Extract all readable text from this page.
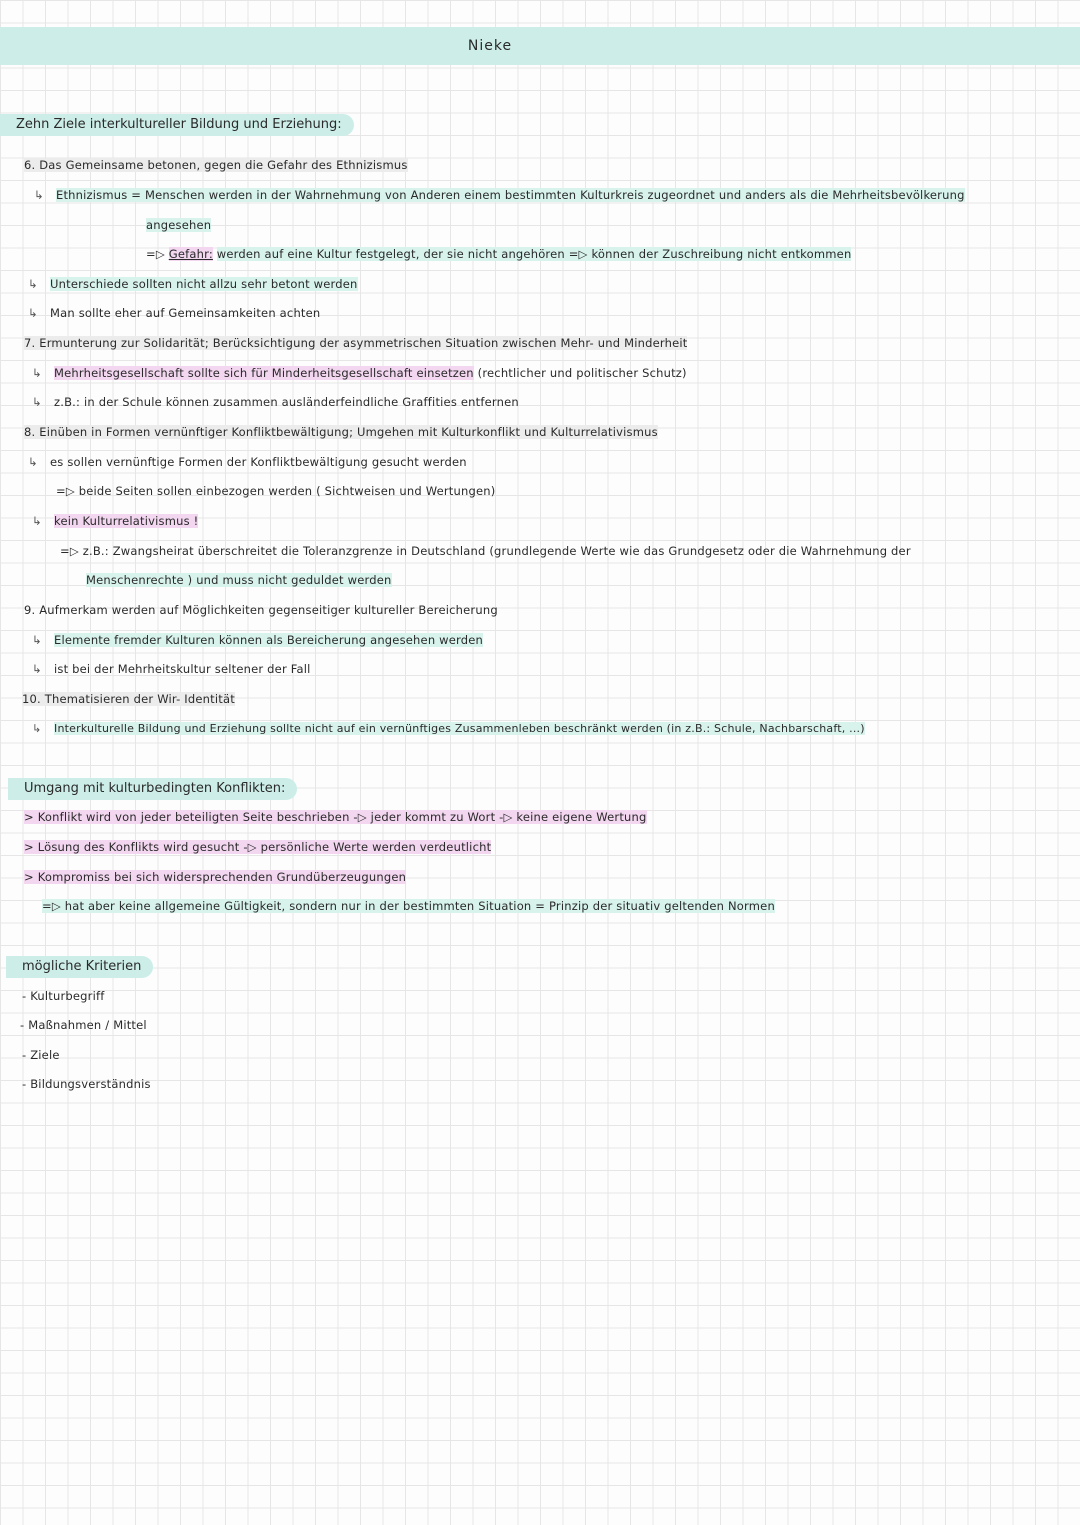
Nieke
Zehn Ziele interkultureller Bildung und Erziehung:
6. Das Gemeinsame betonen, gegen die Gefahr des Ethnizismus
↳ Ethnizismus = Menschen werden in der Wahrnehmung von Anderen einem bestimmten Kulturkreis zugeordnet und anders als die Mehrheitsbevölkerung
angesehen
=▷ Gefahr: werden auf eine Kultur festgelegt, der sie nicht angehören =▷ können der Zuschreibung nicht entkommen
↳ Unterschiede sollten nicht allzu sehr betont werden
↳ Man sollte eher auf Gemeinsamkeiten achten
7. Ermunterung zur Solidarität; Berücksichtigung der asymmetrischen Situation zwischen Mehr- und Minderheit
↳ Mehrheitsgesellschaft sollte sich für Minderheitsgesellschaft einsetzen (rechtlicher und politischer Schutz)
↳ z.B.: in der Schule können zusammen ausländerfeindliche Graffities entfernen
8. Einüben in Formen vernünftiger Konfliktbewältigung; Umgehen mit Kulturkonflikt und Kulturrelativismus
↳ es sollen vernünftige Formen der Konfliktbewältigung gesucht werden
=▷ beide Seiten sollen einbezogen werden ( Sichtweisen und Wertungen)
↳ kein Kulturrelativismus !
=▷ z.B.: Zwangsheirat überschreitet die Toleranzgrenze in Deutschland (grundlegende Werte wie das Grundgesetz oder die Wahrnehmung der
Menschenrechte ) und muss nicht geduldet werden
9. Aufmerkam werden auf Möglichkeiten gegenseitiger kultureller Bereicherung
↳ Elemente fremder Kulturen können als Bereicherung angesehen werden
↳ ist bei der Mehrheitskultur seltener der Fall
10. Thematisieren der Wir- Identität
↳ Interkulturelle Bildung und Erziehung sollte nicht auf ein vernünftiges Zusammenleben beschränkt werden (in z.B.: Schule, Nachbarschaft, ...)
Umgang mit kulturbedingten Konflikten:
> Konflikt wird von jeder beteiligten Seite beschrieben -▷ jeder kommt zu Wort -▷ keine eigene Wertung
> Lösung des Konflikts wird gesucht -▷ persönliche Werte werden verdeutlicht
> Kompromiss bei sich widersprechenden Grundüberzeugungen
=▷ hat aber keine allgemeine Gültigkeit, sondern nur in der bestimmten Situation = Prinzip der situativ geltenden Normen
mögliche Kriterien
- Kulturbegriff
- Maßnahmen / Mittel
- Ziele
- Bildungsverständnis
